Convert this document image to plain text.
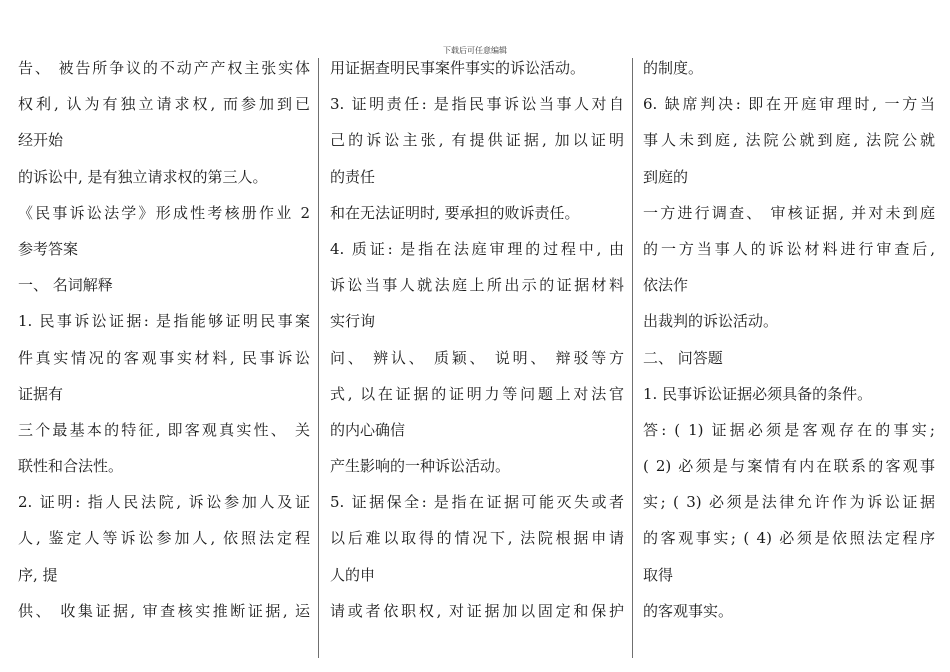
下载后可任意编辑
告、 被告所争议的不动产产权主张实体
权利, 认为有独立请求权, 而参加到已
经开始
的诉讼中, 是有独立请求权的第三人。
《民事诉讼法学》形成性考核册作业 2
参考答案
一、 名词解释
1. 民事诉讼证据: 是指能够证明民事案
件真实情况的客观事实材料, 民事诉讼
证据有
三个最基本的特征, 即客观真实性、 关
联性和合法性。
2. 证明: 指人民法院, 诉讼参加人及证
人, 鉴定人等诉讼参加人, 依照法定程
序, 提
供、 收集证据, 审查核实推断证据, 运
用证据查明民事案件事实的诉讼活动。
3. 证明责任: 是指民事诉讼当事人对自
己的诉讼主张, 有提供证据, 加以证明
的责任
和在无法证明时, 要承担的败诉责任。
4. 质证: 是指在法庭审理的过程中, 由
诉讼当事人就法庭上所出示的证据材料
实行询
问、 辨认、 质颖、 说明、 辩驳等方
式, 以在证据的证明力等问题上对法官
的内心确信
产生影响的一种诉讼活动。
5. 证据保全: 是指在证据可能灭失或者
以后难以取得的情况下, 法院根据申请
人的申
请或者依职权, 对证据加以固定和保护
的制度。
6. 缺席判决: 即在开庭审理时, 一方当
事人未到庭, 法院公就到庭, 法院公就
到庭的
一方进行调查、 审核证据, 并对未到庭
的一方当事人的诉讼材料进行审查后,
依法作
出裁判的诉讼活动。
二、 问答题
1. 民事诉讼证据必须具备的条件。
答: ( 1) 证据必须是客观存在的事实;
( 2) 必须是与案情有内在联系的客观事
实; ( 3) 必须是法律允许作为诉讼证据
的客观事实; ( 4) 必须是依照法定程序
取得
的客观事实。
